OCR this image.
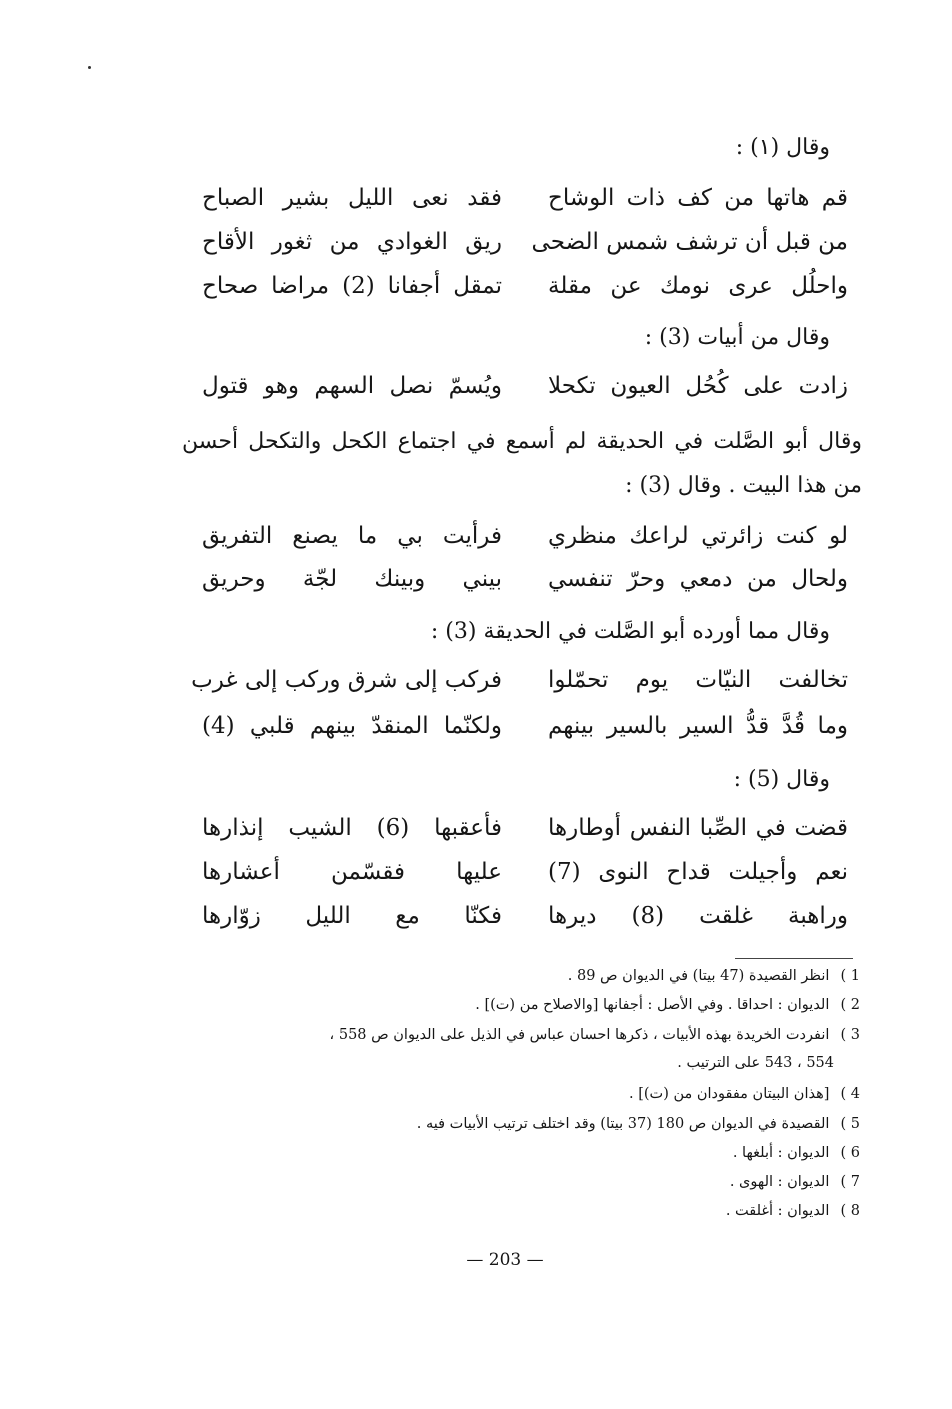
وقال (١) :
قم هاتها من كف ذات الوشاح
فقد نعى الليل بشير الصباح
من قبل أن ترشف شمس الضحى
ريق الغوادي من ثغور الأقاح
واحلُل عرى نومك عن مقلة
تمقل أجفانا (2) مراضا صحاح
وقال من أبيات (3) :
زادت على كُحُل العيون تكحلا
ويُسمّ نصل السهم وهو قتول
وقال أبو الصَّلت في الحديقة لم أسمع في اجتماع الكحل والتكحل أحسن من هذا البيت . وقال (3) :
لو كنت زائرتي لراعك منظري
فرأيت بي ما يصنع التفريق
ولحال من دمعي وحرّ تنفسي
بيني وبينك لجّة وحريق
وقال مما أورده أبو الصَّلت في الحديقة (3) :
تخالفت النيّات يوم تحمّلوا
فركب إلى شرق وركب إلى غرب
وما قُدَّ قدُّ السير بالسير بينهم
ولكنّما المنقدّ بينهم قلبي (4)
وقال (5) :
قضت في الصِّبا النفس أوطارها
فأعقبها (6) الشيب إنذارها
نعم وأجيلت قداح النوى (7)
عليها فقسّمن أعشارها
وراهبة غلقت (8) ديرها
فكنّا مع الليل زوّارها
1 ) انظر القصيدة (47 بيتا) في الديوان ص 89 .
2 ) الديوان : احداقا . وفي الأصل : أجفانها [والاصلاح من (ت)] .
3 ) انفردت الخريدة بهذه الأبيات ، ذكرها احسان عباس في الذيل على الديوان ص 558 ،
554 ، 543 على الترتيب .
4 ) [هذان البيتان مفقودان من (ت)] .
5 ) القصيدة في الديوان ص 180 (37 بيتا) وقد اختلف ترتيب الأبيات فيه .
6 ) الديوان : أبلغها .
7 ) الديوان : الهوى .
8 ) الديوان : أغلقت .
— 203 —
